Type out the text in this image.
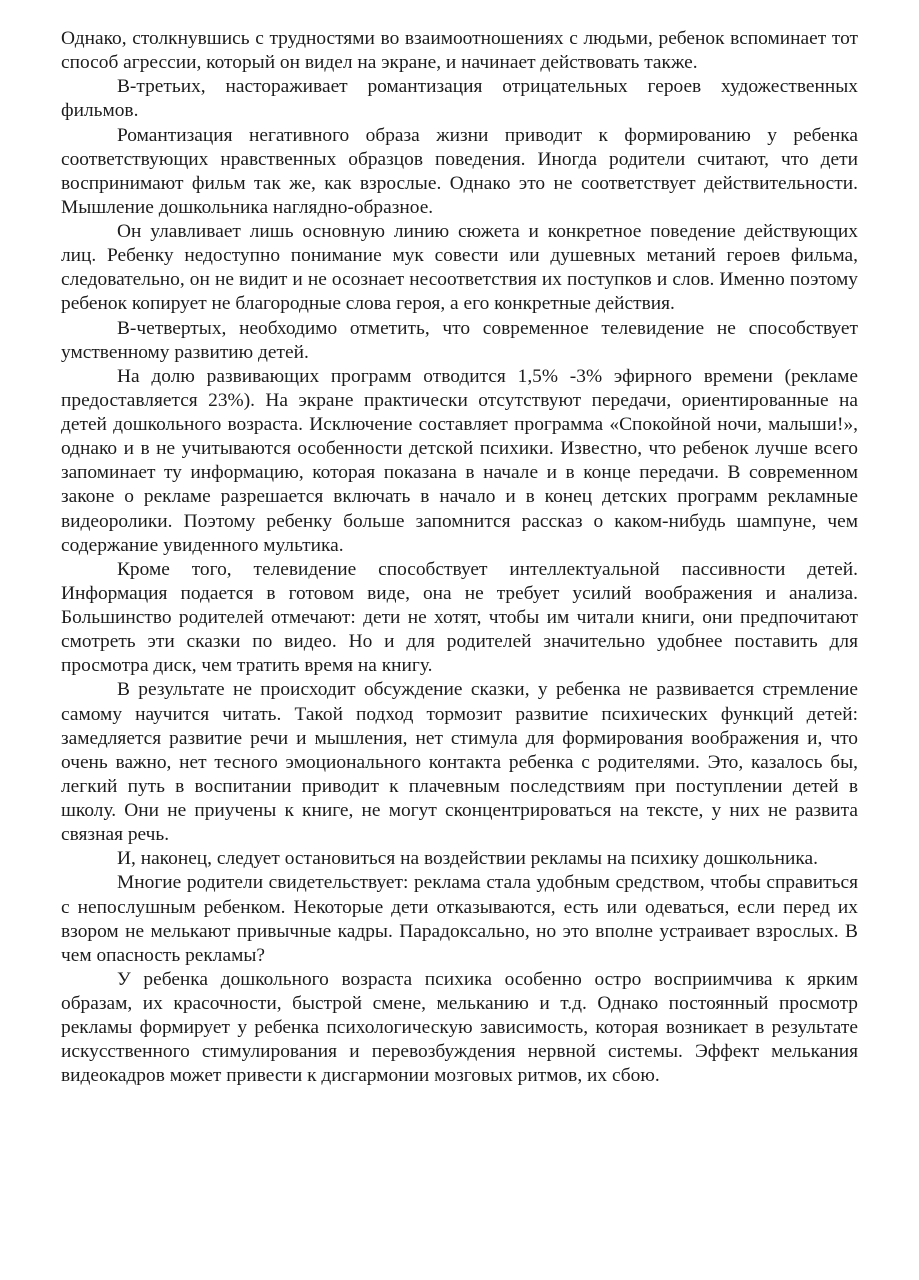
Однако, столкнувшись с трудностями во взаимоотношениях с людьми, ребенок вспоминает тот способ агрессии, который он видел на экране, и начинает действовать также.

В-третьих, настораживает романтизация отрицательных героев художественных фильмов.

Романтизация негативного образа жизни приводит к формированию у ребенка соответствующих нравственных образцов поведения. Иногда родители считают, что дети воспринимают фильм так же, как взрослые. Однако это не соответствует действительности. Мышление дошкольника наглядно-образное.

Он улавливает лишь основную линию сюжета и конкретное поведение действующих лиц. Ребенку недоступно понимание мук совести или душевных метаний героев фильма, следовательно, он не видит и не осознает несоответствия их поступков и слов. Именно поэтому ребенок копирует не благородные слова героя, а его конкретные действия.

В-четвертых, необходимо отметить, что современное телевидение не способствует умственному развитию детей.

На долю развивающих программ отводится 1,5% -3% эфирного времени (рекламе предоставляется 23%). На экране практически отсутствуют передачи, ориентированные на детей дошкольного возраста. Исключение составляет программа «Спокойной ночи, малыши!», однако и в не учитываются особенности детской психики. Известно, что ребенок лучше всего запоминает ту информацию, которая показана в начале и в конце передачи. В современном законе о рекламе разрешается включать в начало и в конец детских программ рекламные видеоролики. Поэтому ребенку больше запомнится рассказ о каком-нибудь шампуне, чем содержание увиденного мультика.

Кроме того, телевидение способствует интеллектуальной пассивности детей. Информация подается в готовом виде, она не требует усилий воображения и анализа. Большинство родителей отмечают: дети не хотят, чтобы им читали книги, они предпочитают смотреть эти сказки по видео. Но и для родителей значительно удобнее поставить для просмотра диск, чем тратить время на книгу.

В результате не происходит обсуждение сказки, у ребенка не развивается стремление самому научится читать. Такой подход тормозит развитие психических функций детей: замедляется развитие речи и мышления, нет стимула для формирования воображения и, что очень важно, нет тесного эмоционального контакта ребенка с родителями. Это, казалось бы, легкий путь в воспитании приводит к плачевным последствиям при поступлении детей в школу. Они не приучены к книге, не могут сконцентрироваться на тексте, у них не развита связная речь.

И, наконец, следует остановиться на воздействии рекламы на психику дошкольника.

Многие родители свидетельствует: реклама стала удобным средством, чтобы справиться с непослушным ребенком. Некоторые дети отказываются, есть или одеваться, если перед их взором не мелькают привычные кадры. Парадоксально, но это вполне устраивает взрослых. В чем опасность рекламы?

У ребенка дошкольного возраста психика особенно остро восприимчива к ярким образам, их красочности, быстрой смене, мельканию и т.д. Однако постоянный просмотр рекламы формирует у ребенка психологическую зависимость, которая возникает в результате искусственного стимулирования и перевозбуждения нервной системы. Эффект мелькания видеокадров может привести к дисгармонии мозговых ритмов, их сбою.
